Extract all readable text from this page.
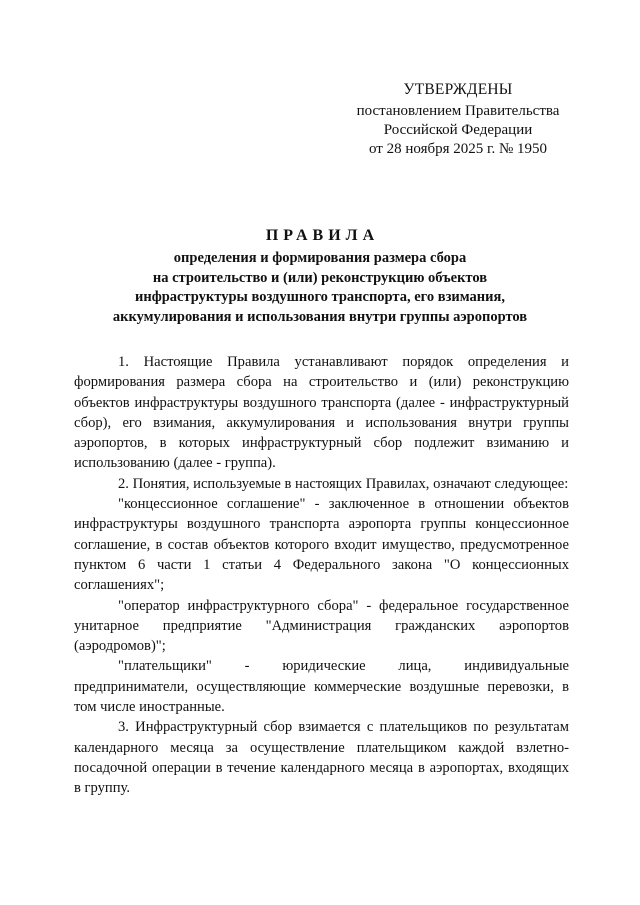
УТВЕРЖДЕНЫ
постановлением Правительства
Российской Федерации
от 28 ноября 2025 г. № 1950
ПРАВИЛА
определения и формирования размера сбора
на строительство и (или) реконструкцию объектов
инфраструктуры воздушного транспорта, его взимания,
аккумулирования и использования внутри группы аэропортов

1. Настоящие Правила устанавливают порядок определения и формирования размера сбора на строительство и (или) реконструкцию объектов инфраструктуры воздушного транспорта (далее - инфраструктурный сбор), его взимания, аккумулирования и использования внутри группы аэропортов, в которых инфраструктурный сбор подлежит взиманию и использованию (далее - группа).

2. Понятия, используемые в настоящих Правилах, означают следующее:

"концессионное соглашение" - заключенное в отношении объектов инфраструктуры воздушного транспорта аэропорта группы концессионное соглашение, в состав объектов которого входит имущество, предусмотренное пунктом 6 части 1 статьи 4 Федерального закона "О концессионных соглашениях";

"оператор инфраструктурного сбора" - федеральное государственное унитарное предприятие "Администрация гражданских аэропортов (аэродромов)";

"плательщики" - юридические лица, индивидуальные предприниматели, осуществляющие коммерческие воздушные перевозки, в том числе иностранные.

3. Инфраструктурный сбор взимается с плательщиков по результатам календарного месяца за осуществление плательщиком каждой взлетно-посадочной операции в течение календарного месяца в аэропортах, входящих в группу.
